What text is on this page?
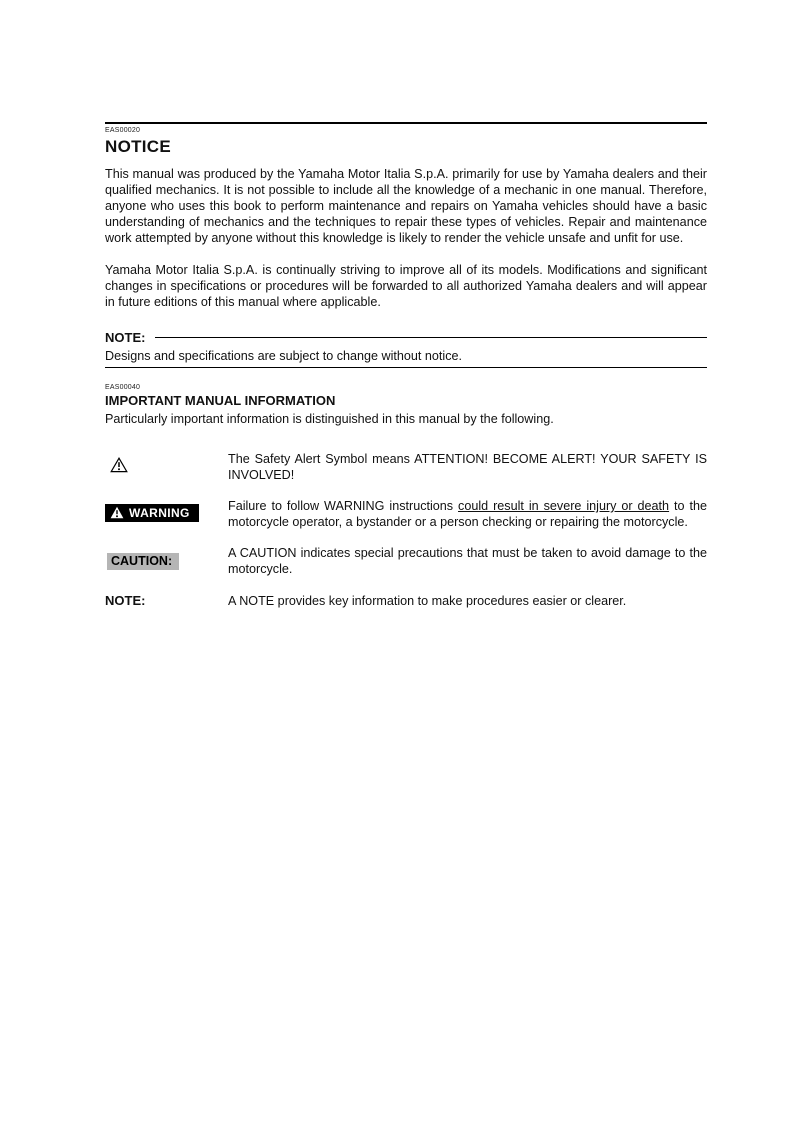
EAS00020
NOTICE

This manual was produced by the Yamaha Motor Italia S.p.A. primarily for use by Yamaha dealers and their qualified mechanics. It is not possible to include all the knowledge of a mechanic in one manual. Therefore, anyone who uses this book to perform maintenance and repairs on Yamaha vehicles should have a basic understanding of mechanics and the techniques to repair these types of vehicles. Repair and maintenance work attempted by anyone without this knowledge is likely to render the vehicle unsafe and unfit for use.

Yamaha Motor Italia S.p.A. is continually striving to improve all of its models. Modifications and significant changes in specifications or procedures will be forwarded to all authorized Yamaha dealers and will appear in future editions of this manual where applicable.

NOTE:

Designs and specifications are subject to change without notice.

EAS00040
IMPORTANT MANUAL INFORMATION

Particularly important information is distinguished in this manual by the following.

The Safety Alert Symbol means ATTENTION! BECOME ALERT! YOUR SAFETY IS INVOLVED!
WARNING	Failure to follow WARNING instructions could result in severe injury or death to the motorcycle operator, a bystander or a person checking or repairing the motorcycle.
CAUTION:
A CAUTION indicates special precautions that must be taken to avoid damage to the motorcycle.
NOTE:	A NOTE provides key information to make procedures easier or clearer.
